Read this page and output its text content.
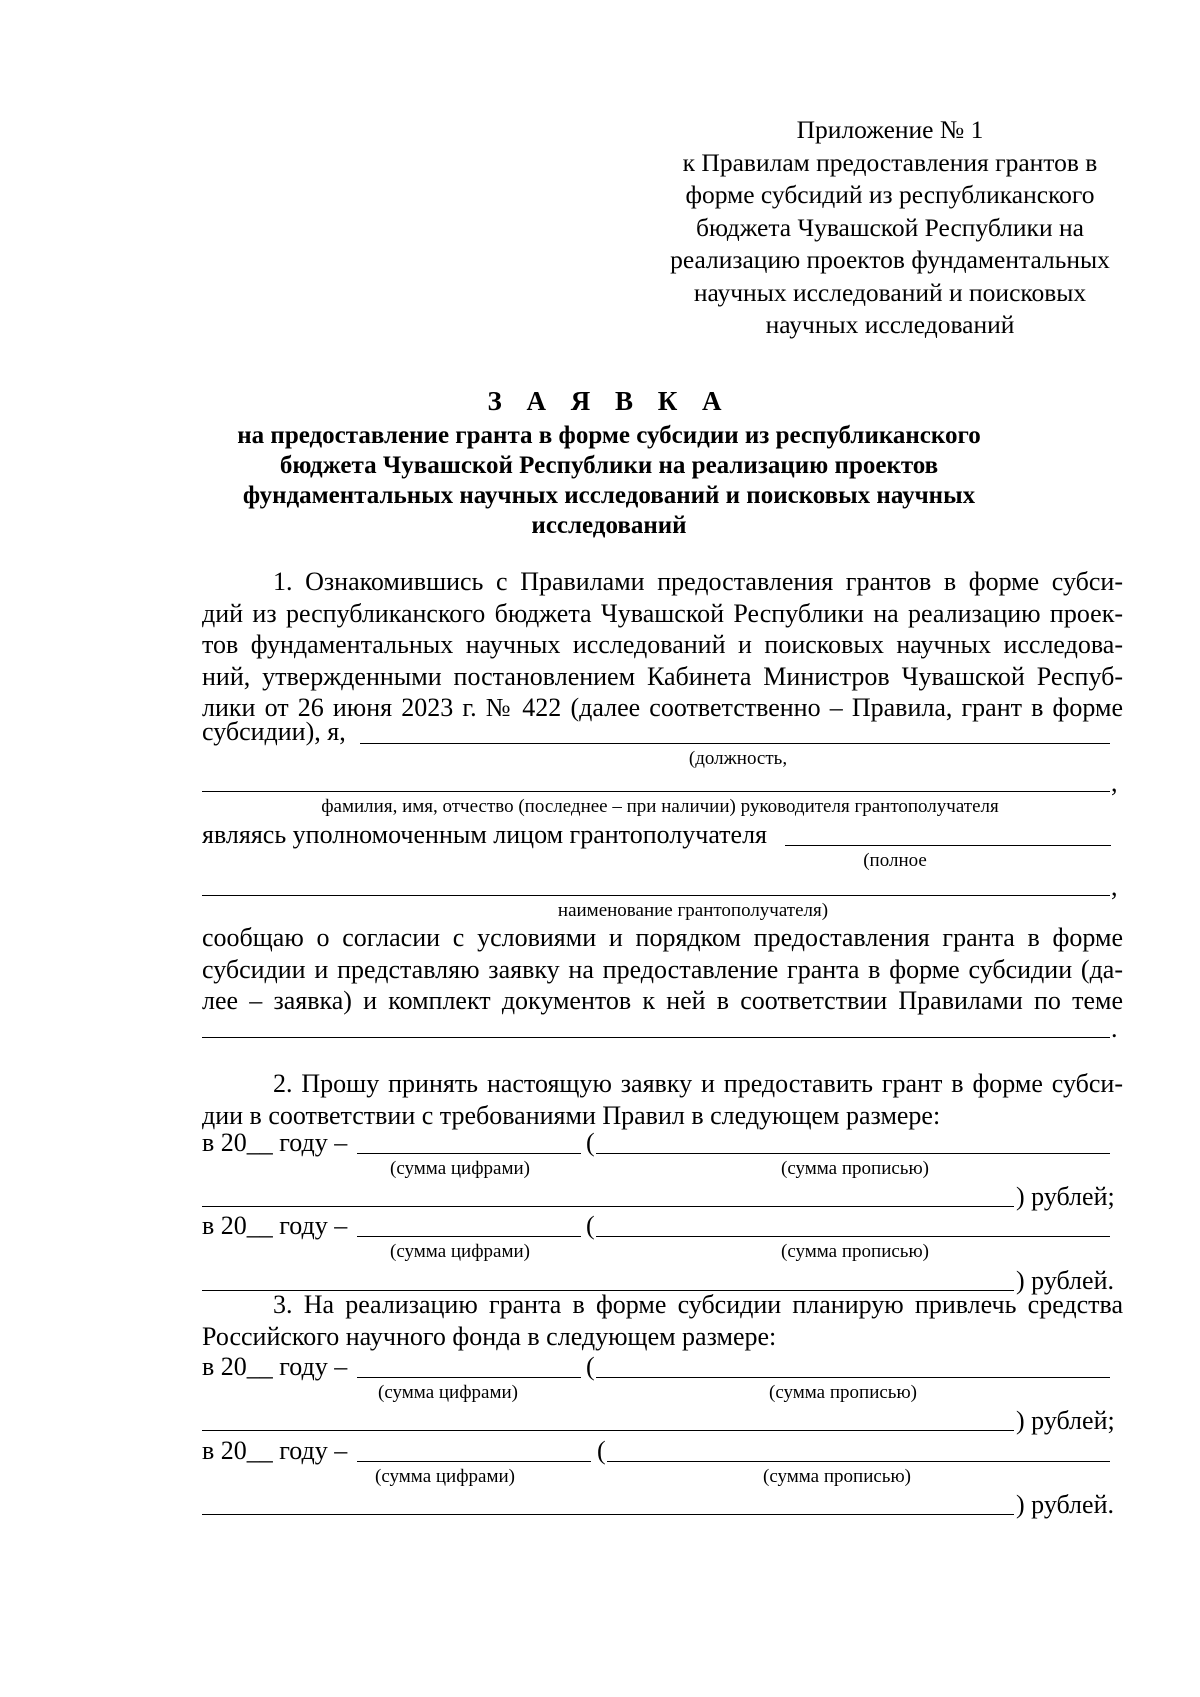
Приложение № 1
к Правилам предоставления грантов в
форме субсидий из республиканского
бюджета Чувашской Республики на
реализацию проектов фундаментальных
научных исследований и поисковых
научных исследований
З А Я В К А
на предоставление гранта в форме субсидии из республиканского
бюджета Чувашской Республики на реализацию проектов
фундаментальных научных исследований и поисковых научных
исследований
1. Ознакомившись с Правилами предоставления грантов в форме субси-
дий из республиканского бюджета Чувашской Республики на реализацию проек-
тов фундаментальных научных исследований и поисковых научных исследова-
ний, утвержденными постановлением Кабинета Министров Чувашской Респуб-
лики от 26 июня 2023 г. № 422 (далее соответственно – Правила, грант в форме
субсидии), я,
(должность,
,
фамилия, имя, отчество (последнее – при наличии) руководителя грантополучателя
являясь уполномоченным лицом грантополучателя
(полное
,
наименование грантополучателя)
сообщаю о согласии с условиями и порядком предоставления гранта в форме
субсидии и представляю заявку на предоставление гранта в форме субсидии (да-
лее – заявка) и комплект документов к ней в соответствии Правилами по теме
.
2. Прошу принять настоящую заявку и предоставить грант в форме субси-
дии в соответствии с требованиями Правил в следующем размере:
в 20__ году –	(
(сумма цифрами)	(сумма прописью)
) рублей;
в 20__ году –	(
(сумма цифрами)	(сумма прописью)
) рублей.
3. На реализацию гранта в форме субсидии планирую привлечь средства
Российского научного фонда в следующем размере:
в 20__ году –	(
(сумма цифрами)	(сумма прописью)
) рублей;
в 20__ году –	(
(сумма цифрами)	(сумма прописью)
) рублей.
